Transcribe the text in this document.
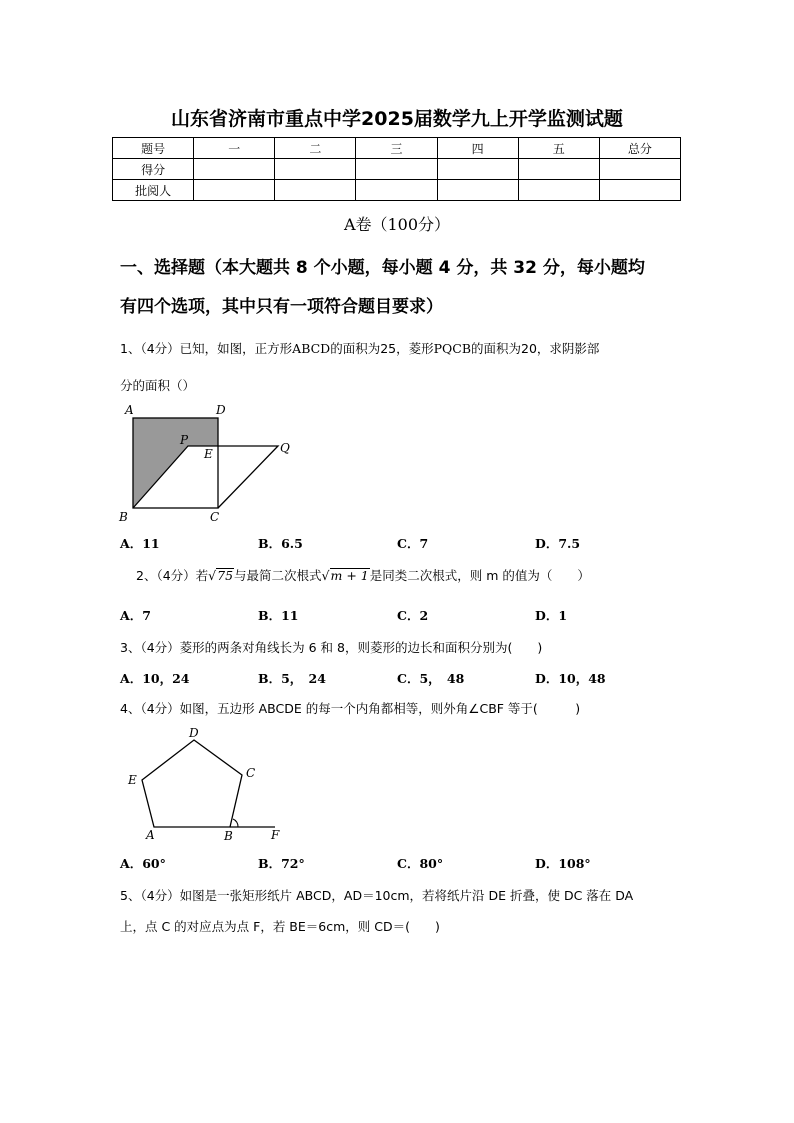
山东省济南市重点中学2025届数学九上开学监测试题
题号	一	二	三	四	五	总分
得分						
批阅人						
A卷（100分）
一、选择题（本大题共 8 个小题，每小题 4 分，共 32 分，每小题均
有四个选项，其中只有一项符合题目要求）
1、（4分）已知，如图，正方形ABCD的面积为25，菱形PQCB的面积为20，求阴影部
分的面积（）
A	D
P
E	Q
B	C
A．11	B．6.5	C．7	D．7.5
2、（4分）若√75与最简二次根式√m + 1是同类二次根式，则 m 的值为（　　）
A．7	B．11	C．2	D．1
3、（4分）菱形的两条对角线长为 6 和 8，则菱形的边长和面积分别为(　　)
A．10，24	B．5，　24	C．5，　48	D．10，48
4、（4分）如图，五边形 ABCDE 的每一个内角都相等，则外角∠CBF 等于(　　　)
D
E	C
A	B	F
A．60°	B．72°	C．80°	D．108°
5、（4分）如图是一张矩形纸片 ABCD，AD＝10cm，若将纸片沿 DE 折叠，使 DC 落在 DA
上，点 C 的对应点为点 F，若 BE＝6cm，则 CD＝(　　)
